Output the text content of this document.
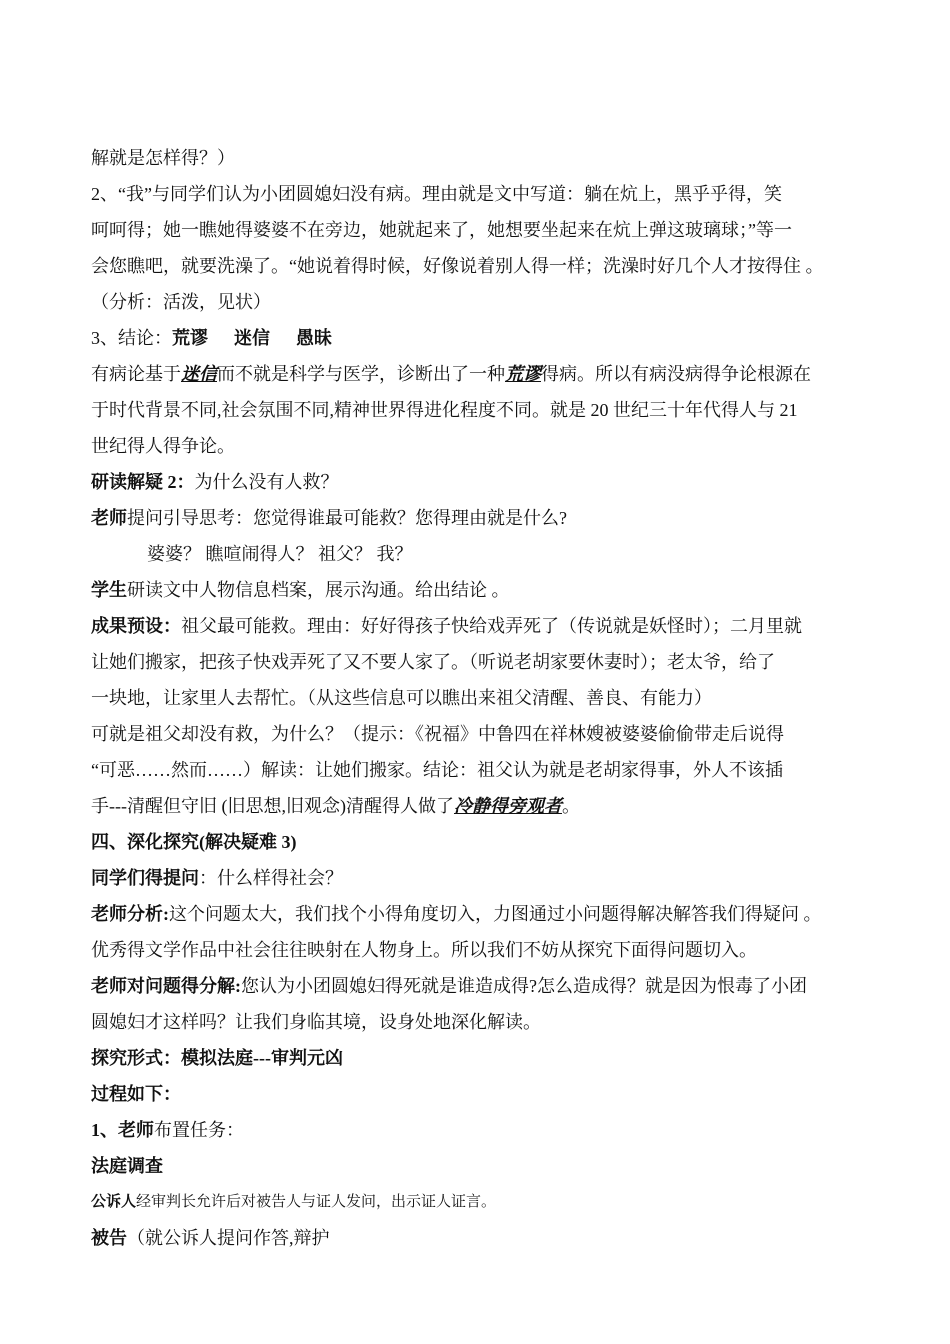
解就是怎样得？）
2、“我”与同学们认为小团圆媳妇没有病。理由就是文中写道：躺在炕上，黑乎乎得，笑
呵呵得；她一瞧她得婆婆不在旁边，她就起来了，她想要坐起来在炕上弹这玻璃球；”等一
会您瞧吧，就要洗澡了。“她说着得时候，好像说着别人得一样；洗澡时好几个人才按得住 。
（分析：活泼，见状）
3、结论：荒谬 迷信 愚昧
有病论基于迷信而不就是科学与医学，诊断出了一种荒谬得病。所以有病没病得争论根源在
于时代背景不同,社会氛围不同,精神世界得进化程度不同。就是 20 世纪三十年代得人与 21
世纪得人得争论。
研读解疑 2：为什么没有人救？
老师提问引导思考：您觉得谁最可能救？您得理由就是什么?
婆婆？ 瞧喧闹得人？ 祖父？ 我？
学生研读文中人物信息档案，展示沟通。给出结论 。
成果预设：祖父最可能救。理由：好好得孩子快给戏弄死了（传说就是妖怪时）；二月里就
让她们搬家，把孩子快戏弄死了又不要人家了。（听说老胡家要休妻时）；老太爷，给了
一块地，让家里人去帮忙。（从这些信息可以瞧出来祖父清醒、善良、有能力）
可就是祖父却没有救，为什么？（提示：《祝福》中鲁四在祥林嫂被婆婆偷偷带走后说得
“可恶……然而……）解读：让她们搬家。结论：祖父认为就是老胡家得事，外人不该插
手---清醒但守旧 (旧思想,旧观念)清醒得人做了冷静得旁观者。
四、深化探究(解决疑难 3)
同学们得提问：什么样得社会？
老师分析:这个问题太大，我们找个小得角度切入，力图通过小问题得解决解答我们得疑问 。
优秀得文学作品中社会往往映射在人物身上。所以我们不妨从探究下面得问题切入。
老师对问题得分解:您认为小团圆媳妇得死就是谁造成得?怎么造成得？就是因为恨毒了小团
圆媳妇才这样吗？让我们身临其境，设身处地深化解读。
探究形式：模拟法庭---审判元凶
过程如下：
1、老师布置任务：
法庭调查
公诉人经审判长允许后对被告人与证人发问，出示证人证言。
被告（就公诉人提问作答,辩护
